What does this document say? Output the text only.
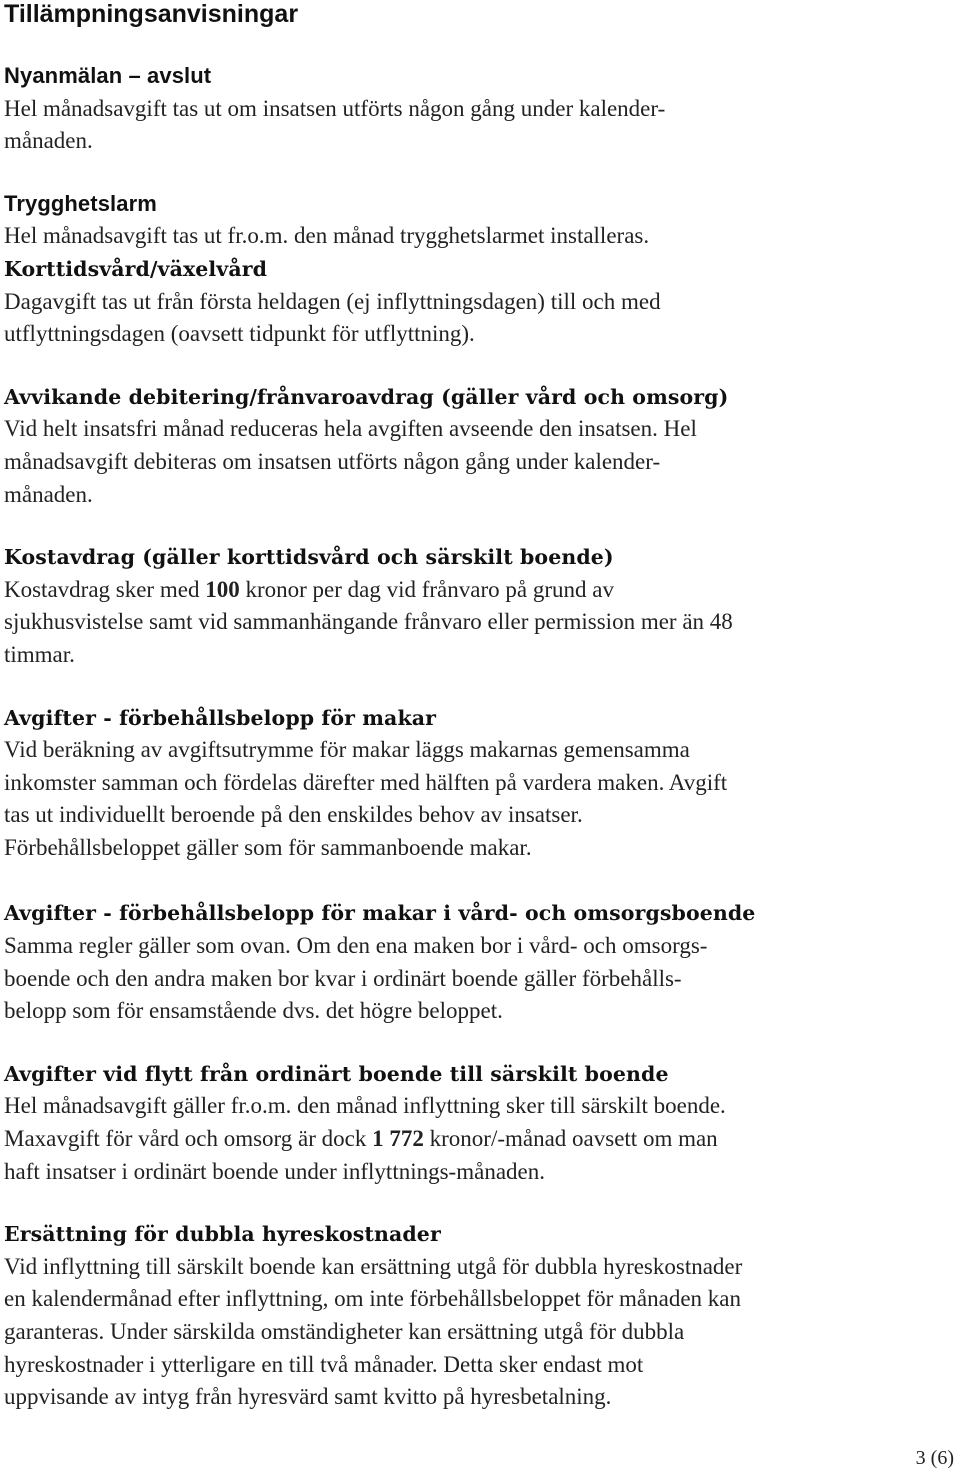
Tillämpningsanvisningar
Nyanmälan – avslut
Hel månadsavgift tas ut om insatsen utförts någon gång under kalender-
månaden.
Trygghetslarm
Hel månadsavgift tas ut fr.o.m. den månad trygghetslarmet installeras.
Korttidsvård/växelvård
Dagavgift tas ut från första heldagen (ej inflyttningsdagen) till och med
utflyttningsdagen (oavsett tidpunkt för utflyttning).
Avvikande debitering/frånvaroavdrag (gäller vård och omsorg)
Vid helt insatsfri månad reduceras hela avgiften avseende den insatsen. Hel
månadsavgift debiteras om insatsen utförts någon gång under kalender-
månaden.
Kostavdrag (gäller korttidsvård och särskilt boende)
Kostavdrag sker med 100 kronor per dag vid frånvaro på grund av
sjukhusvistelse samt vid sammanhängande frånvaro eller permission mer än 48
timmar.
Avgifter - förbehållsbelopp för makar
Vid beräkning av avgiftsutrymme för makar läggs makarnas gemensamma
inkomster samman och fördelas därefter med hälften på vardera maken. Avgift
tas ut individuellt beroende på den enskildes behov av insatser.
Förbehållsbeloppet gäller som för sammanboende makar.
Avgifter - förbehållsbelopp för makar i vård- och omsorgsboende
Samma regler gäller som ovan. Om den ena maken bor i vård- och omsorgs-
boende och den andra maken bor kvar i ordinärt boende gäller förbehålls-
belopp som för ensamstående dvs. det högre beloppet.
Avgifter vid flytt från ordinärt boende till särskilt boende
Hel månadsavgift gäller fr.o.m. den månad inflyttning sker till särskilt boende.
Maxavgift för vård och omsorg är dock 1 772 kronor/-månad oavsett om man
haft insatser i ordinärt boende under inflyttnings-månaden.
Ersättning för dubbla hyreskostnader
Vid inflyttning till särskilt boende kan ersättning utgå för dubbla hyreskostnader
en kalendermånad efter inflyttning, om inte förbehållsbeloppet för månaden kan
garanteras. Under särskilda omständigheter kan ersättning utgå för dubbla
hyreskostnader i ytterligare en till två månader. Detta sker endast mot
uppvisande av intyg från hyresvärd samt kvitto på hyresbetalning.
3 (6)
